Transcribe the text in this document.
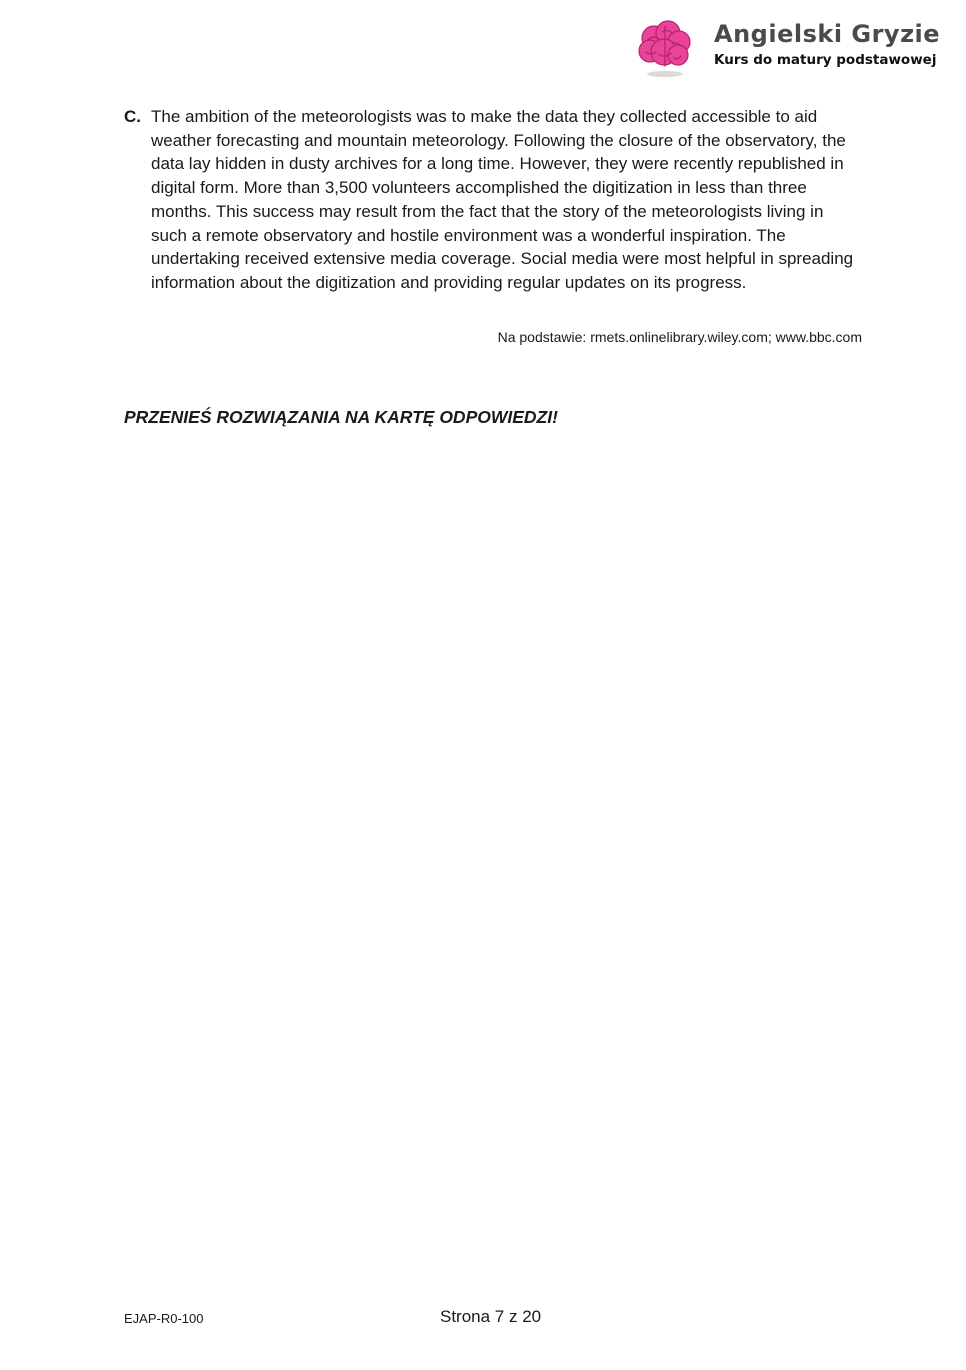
Angielski Gryzie
Kurs do matury podstawowej
C. The ambition of the meteorologists was to make the data they collected accessible to aid weather forecasting and mountain meteorology. Following the closure of the observatory, the data lay hidden in dusty archives for a long time. However, they were recently republished in digital form. More than 3,500 volunteers accomplished the digitization in less than three months. This success may result from the fact that the story of the meteorologists living in such a remote observatory and hostile environment was a wonderful inspiration. The undertaking received extensive media coverage. Social media were most helpful in spreading information about the digitization and providing regular updates on its progress.

Na podstawie: rmets.onlinelibrary.wiley.com; www.bbc.com
PRZENIEŚ ROZWIĄZANIA NA KARTĘ ODPOWIEDZI!
EJAP-R0-100	Strona 7 z 20
